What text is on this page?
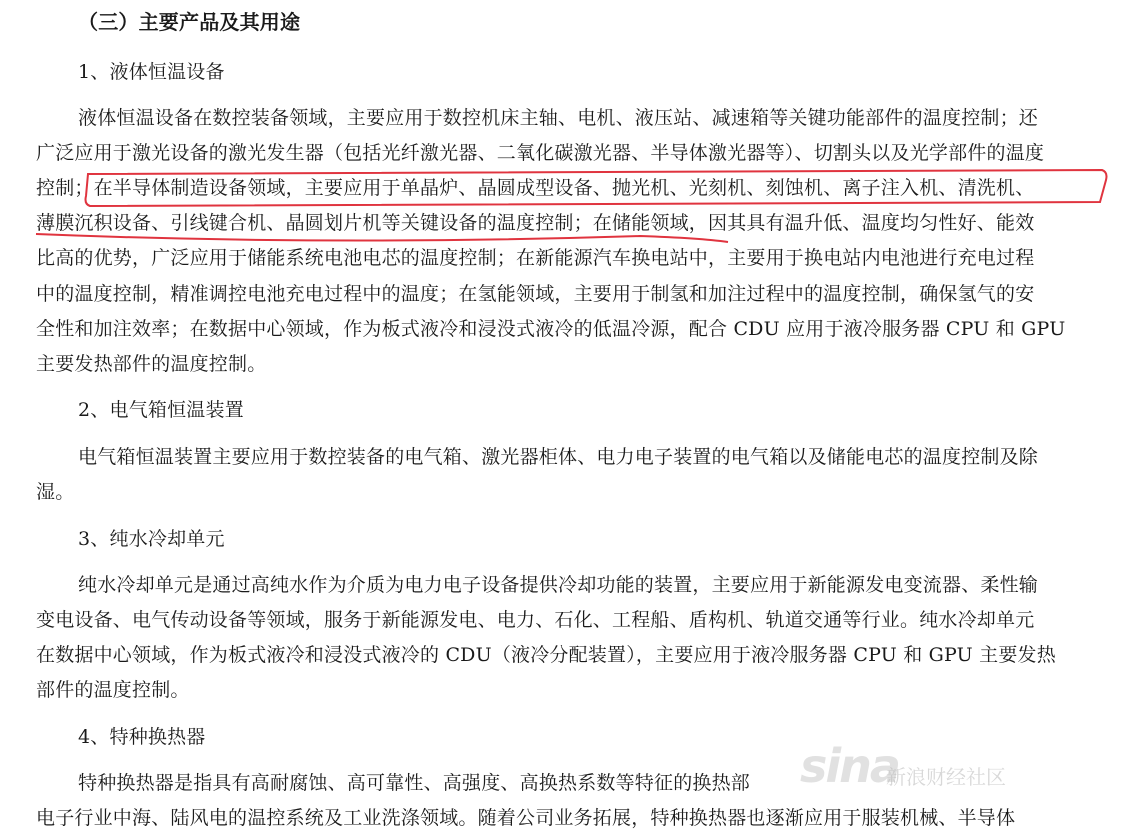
（三）主要产品及其用途
1、液体恒温设备
液体恒温设备在数控装备领域，主要应用于数控机床主轴、电机、液压站、减速箱等关键功能部件的温度控制；还
广泛应用于激光设备的激光发生器（包括光纤激光器、二氧化碳激光器、半导体激光器等）、切割头以及光学部件的温度
控制；在半导体制造设备领域，主要应用于单晶炉、晶圆成型设备、抛光机、光刻机、刻蚀机、离子注入机、清洗机、
薄膜沉积设备、引线键合机、晶圆划片机等关键设备的温度控制；在储能领域，因其具有温升低、温度均匀性好、能效
比高的优势，广泛应用于储能系统电池电芯的温度控制；在新能源汽车换电站中，主要用于换电站内电池进行充电过程
中的温度控制，精准调控电池充电过程中的温度；在氢能领域，主要用于制氢和加注过程中的温度控制，确保氢气的安
全性和加注效率；在数据中心领域，作为板式液冷和浸没式液冷的低温冷源，配合 CDU 应用于液冷服务器 CPU 和 GPU
主要发热部件的温度控制。
2、电气箱恒温装置
电气箱恒温装置主要应用于数控装备的电气箱、激光器柜体、电力电子装置的电气箱以及储能电芯的温度控制及除
湿。
3、纯水冷却单元
纯水冷却单元是通过高纯水作为介质为电力电子设备提供冷却功能的装置，主要应用于新能源发电变流器、柔性输
变电设备、电气传动设备等领域，服务于新能源发电、电力、石化、工程船、盾构机、轨道交通等行业。纯水冷却单元
在数据中心领域，作为板式液冷和浸没式液冷的 CDU（液冷分配装置），主要应用于液冷服务器 CPU 和 GPU 主要发热
部件的温度控制。
4、特种换热器
特种换热器是指具有高耐腐蚀、高可靠性、高强度、高换热系数等特征的换热部
电子行业中海、陆风电的温控系统及工业洗涤领域。随着公司业务拓展，特种换热器也逐渐应用于服装机械、半导体
sina
新浪财经社区
